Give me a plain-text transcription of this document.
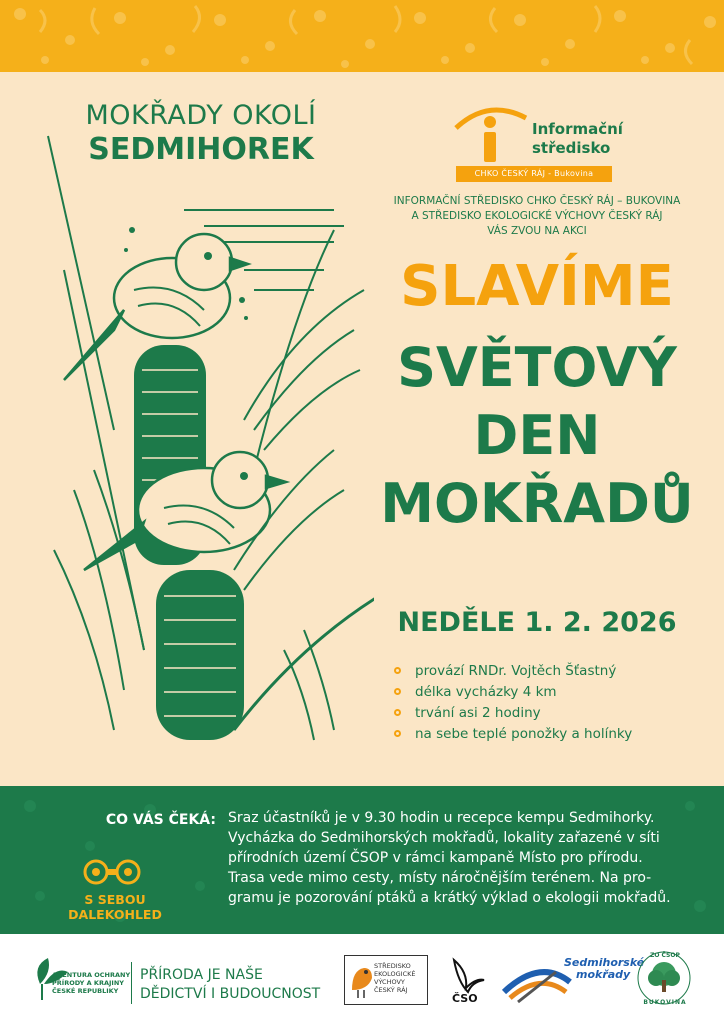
MOKŘADY OKOLÍ
SEDMIHOREK
Informační
středisko
CHKO ČESKÝ RÁJ - Bukovina
INFORMAČNÍ STŘEDISKO CHKO ČESKÝ RÁJ – BUKOVINA
A STŘEDISKO EKOLOGICKÉ VÝCHOVY ČESKÝ RÁJ
VÁS ZVOU NA AKCI
SLAVÍME
SVĚTOVÝ
DEN
MOKŘADŮ
NEDĚLE 1. 2. 2026
provází RNDr. Vojtěch Šťastný
délka vycházky 4 km
trvání asi 2 hodiny
na sebe teplé ponožky a holínky
CO VÁS ČEKÁ:
S SEBOU DALEKOHLED
Sraz účastníků je v 9.30 hodin u recepce kempu Sedmihorky.
Vycházka do Sedmihorských mokřadů, lokality zařazené v síti
přírodních území ČSOP v rámci kampaně Místo pro přírodu.
Trasa vede mimo cesty, místy náročnějším terénem. Na pro-
gramu je pozorování ptáků a krátký výklad o ekologii mokřadů.
AGENTURA OCHRANY
PŘÍRODY A KRAJINY
ČESKÉ REPUBLIKY
PŘÍRODA JE NAŠE
DĚDICTVÍ I BUDOUCNOST
STŘEDISKO
EKOLOGICKÉ
VÝCHOVY
ČESKÝ RÁJ
ČSO
Sedmihorské
mokřady
ZO ČSOP
BUKOVINA
